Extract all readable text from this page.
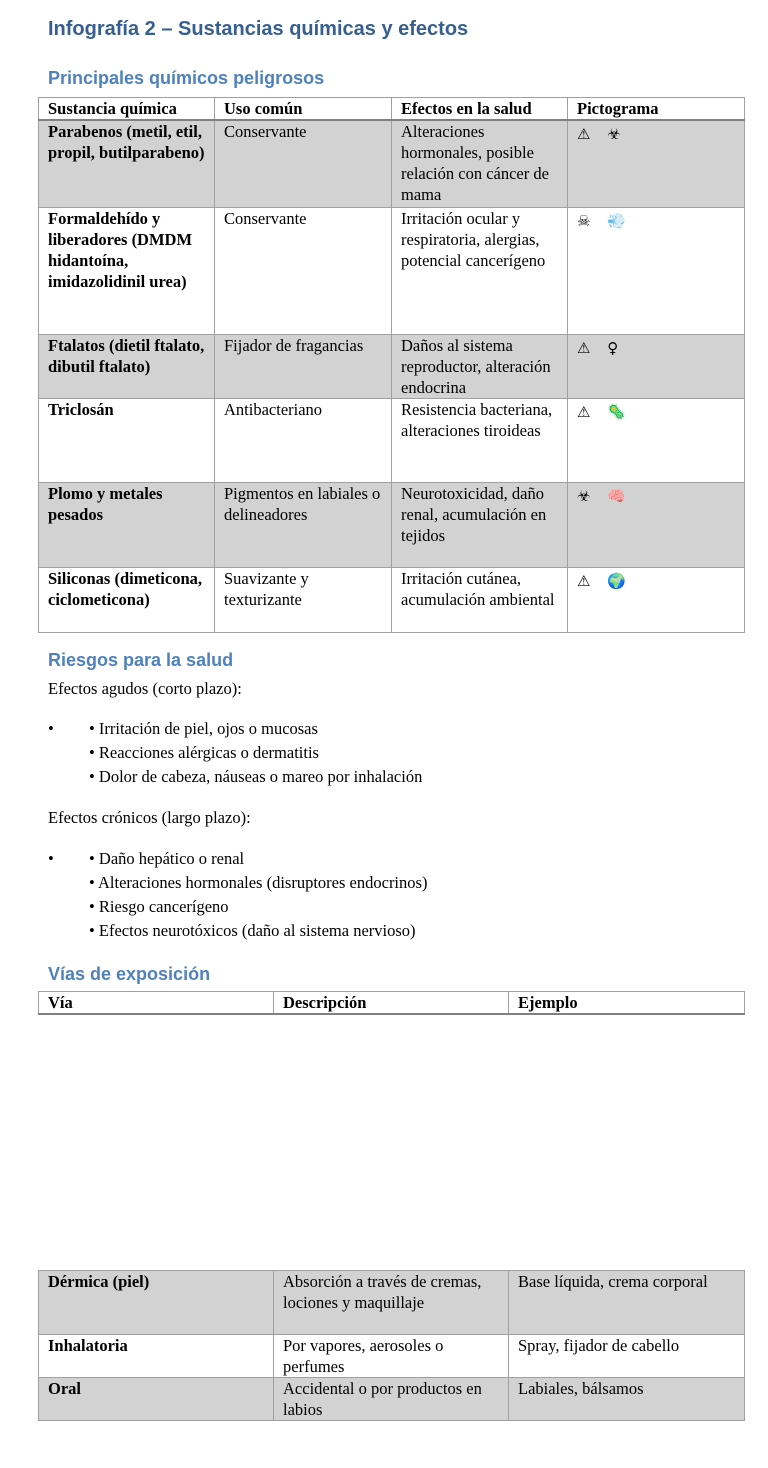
Infografía 2 – Sustancias químicas y efectos
Principales químicos peligrosos
Sustancia química	Uso común	Efectos en la salud	Pictograma
Parabenos (metil, etil, propil, butilparabeno)	Conservante	Alteraciones hormonales, posible relación con cáncer de mama	⚠ ☣
Formaldehído y liberadores (DMDM hidantoína, imidazolidinil urea)	Conservante	Irritación ocular y respiratoria, alergias, potencial cancerígeno	☠ 💨
Ftalatos (dietil ftalato, dibutil ftalato)	Fijador de fragancias	Daños al sistema reproductor, alteración endocrina	⚠ ♀
Triclosán	Antibacteriano	Resistencia bacteriana, alteraciones tiroideas	⚠ 🦠
Plomo y metales pesados	Pigmentos en labiales o delineadores	Neurotoxicidad, daño renal, acumulación en tejidos	☣ 🧠
Siliconas (dimeticona, ciclometicona)	Suavizante y texturizante	Irritación cutánea, acumulación ambiental	⚠ 🌍
Riesgos para la salud

Efectos agudos (corto plazo):

• • Irritación de piel, ojos o mucosas
• Reacciones alérgicas o dermatitis
• Dolor de cabeza, náuseas o mareo por inhalación

Efectos crónicos (largo plazo):

• • Daño hepático o renal
• Alteraciones hormonales (disruptores endocrinos)
• Riesgo cancerígeno
• Efectos neurotóxicos (daño al sistema nervioso)
Vías de exposición
Vía	Descripción	Ejemplo
Dérmica (piel)	Absorción a través de cremas, lociones y maquillaje	Base líquida, crema corporal
Inhalatoria	Por vapores, aerosoles o perfumes	Spray, fijador de cabello
Oral	Accidental o por productos en labios	Labiales, bálsamos
